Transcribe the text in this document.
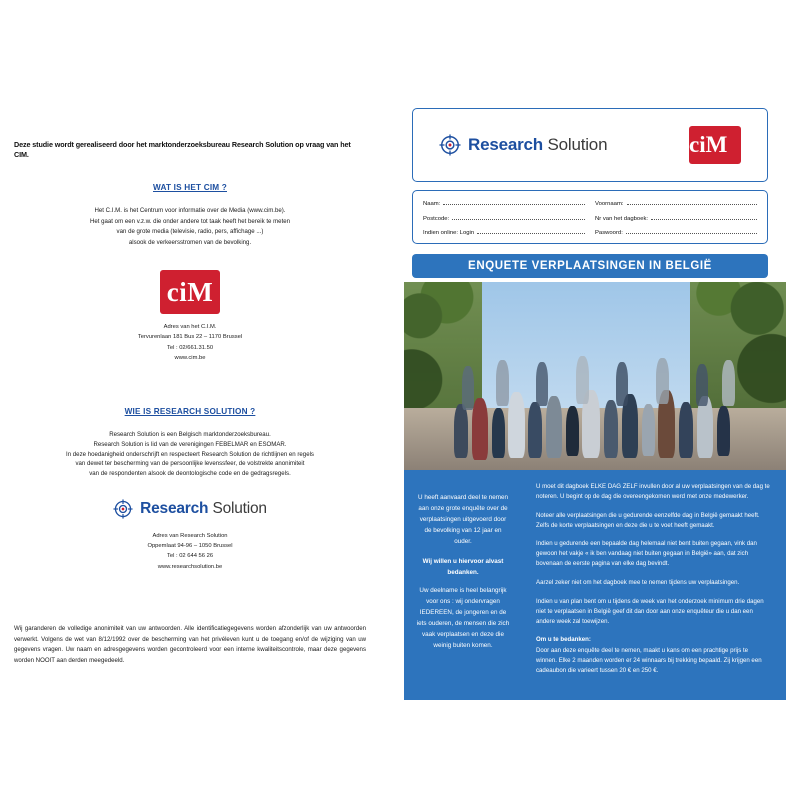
Deze studie wordt gerealiseerd door het marktonderzoeksbureau Research Solution op vraag van het CIM.
WAT IS HET CIM ?
Het C.I.M. is het Centrum voor informatie over de Media (www.cim.be).
Het gaat om een v.z.w. die onder andere tot taak heeft het bereik te meten
van de grote media (televisie, radio, pers, affichage ...)
alsook de verkeersstromen van de bevolking.
ciM
Adres van het C.I.M.
Tervurenlaan 181 Bus 22 – 1170 Brussel
Tel : 02/661.31.50
www.cim.be
WIE IS RESEARCH SOLUTION ?
Research Solution is een Belgisch marktonderzoeksbureau.
Research Solution is lid van de verenigingen FEBELMAR en ESOMAR.
In deze hoedanigheid onderschrijft en respecteert Research Solution de richtlijnen en regels
van dewet ter bescherming van de persoonlijke levenssfeer, de volstrekte anonimiteit
van de respondenten alsook de deontologische code en de gedragsregels.
Research Solution
Adres van Research Solution
Oppemlaat 94-96 – 1050 Brussel
Tel : 02 644 56 26
www.researchsolution.be
Wij garanderen de volledige anonimiteit van uw antwoorden. Alle identificatiegegevens worden afzonderlijk van uw antwoorden verwerkt. Volgens de wet van 8/12/1992 over de bescherming van het privéleven kunt u de toegang en/of de wijziging van uw gegevens vragen. Uw naam en adresgegevens worden gecontroleerd voor een interne kwaliteitscontrole, maar deze gegevens worden NOOIT aan derden meegedeeld.
Research Solution	ciM
Naam:	Voornaam:
Postcode:	Nr van het dagboek:
Indien online: Login	Paswoord:
ENQUETE VERPLAATSINGEN IN BELGIË
U heeft aanvaard deel te nemen aan onze grote enquête over de verplaatsingen uitgevoerd door de bevolking van 12 jaar en ouder.
Wij willen u hiervoor alvast bedanken.
Uw deelname is heel belangrijk voor ons : wij ondervragen IEDEREEN, de jongeren en de iets ouderen, de mensen die zich vaak verplaatsen en deze die weinig buiten komen.

U moet dit dagboek ELKE DAG ZELF invullen door al uw verplaatsingen van de dag te noteren. U begint op de dag die overeengekomen werd met onze medewerker.

Noteer alle verplaatsingen die u gedurende eenzelfde dag in België gemaakt heeft. Zelfs de korte verplaatsingen en deze die u te voet heeft gemaakt.

Indien u gedurende een bepaalde dag helemaal niet bent buiten gegaan, vink dan gewoon het vakje « ik ben vandaag niet buiten gegaan in België» aan, dat zich bovenaan de eerste pagina van elke dag bevindt.

Aarzel zeker niet om het dagboek mee te nemen tijdens uw verplaatsingen.

Indien u van plan bent om u tijdens de week van het onderzoek minimum drie dagen niet te verplaatsen in België geef dit dan door aan onze enquêteur die u dan een andere week zal toewijzen.

Om u te bedanken:

Door aan deze enquête deel te nemen, maakt u kans om een prachtige prijs te winnen. Elke 2 maanden worden er 24 winnaars bij trekking bepaald. Zij krijgen een cadeaubon die varieert tussen 20 € en 250 €.
